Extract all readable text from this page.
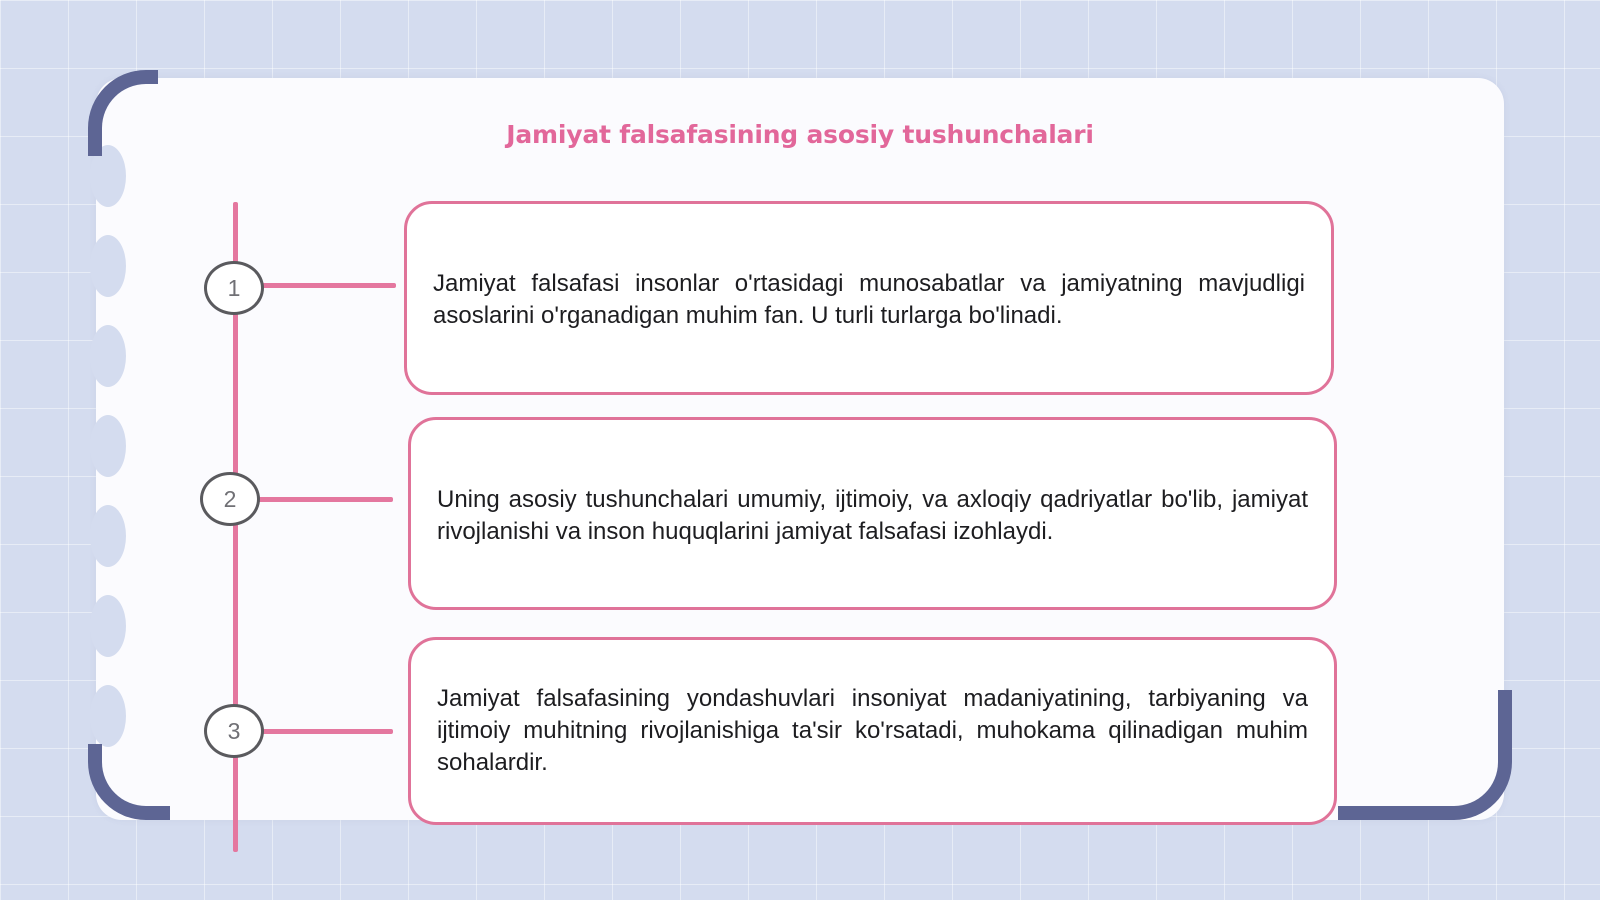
Jamiyat falsafasining asosiy tushunchalari
1	Jamiyat falsafasi insonlar o'rtasidagi munosabatlar va jamiyatning mavjudligi asoslarini o'rganadigan muhim fan. U turli turlarga bo'linadi.
2	Uning asosiy tushunchalari umumiy, ijtimoiy, va axloqiy qadriyatlar bo'lib, jamiyat rivojlanishi va inson huquqlarini jamiyat falsafasi izohlaydi.
3
Jamiyat falsafasining yondashuvlari insoniyat madaniyatining, tarbiyaning va ijtimoiy muhitning rivojlanishiga ta'sir ko'rsatadi, muhokama qilinadigan muhim sohalardir.
